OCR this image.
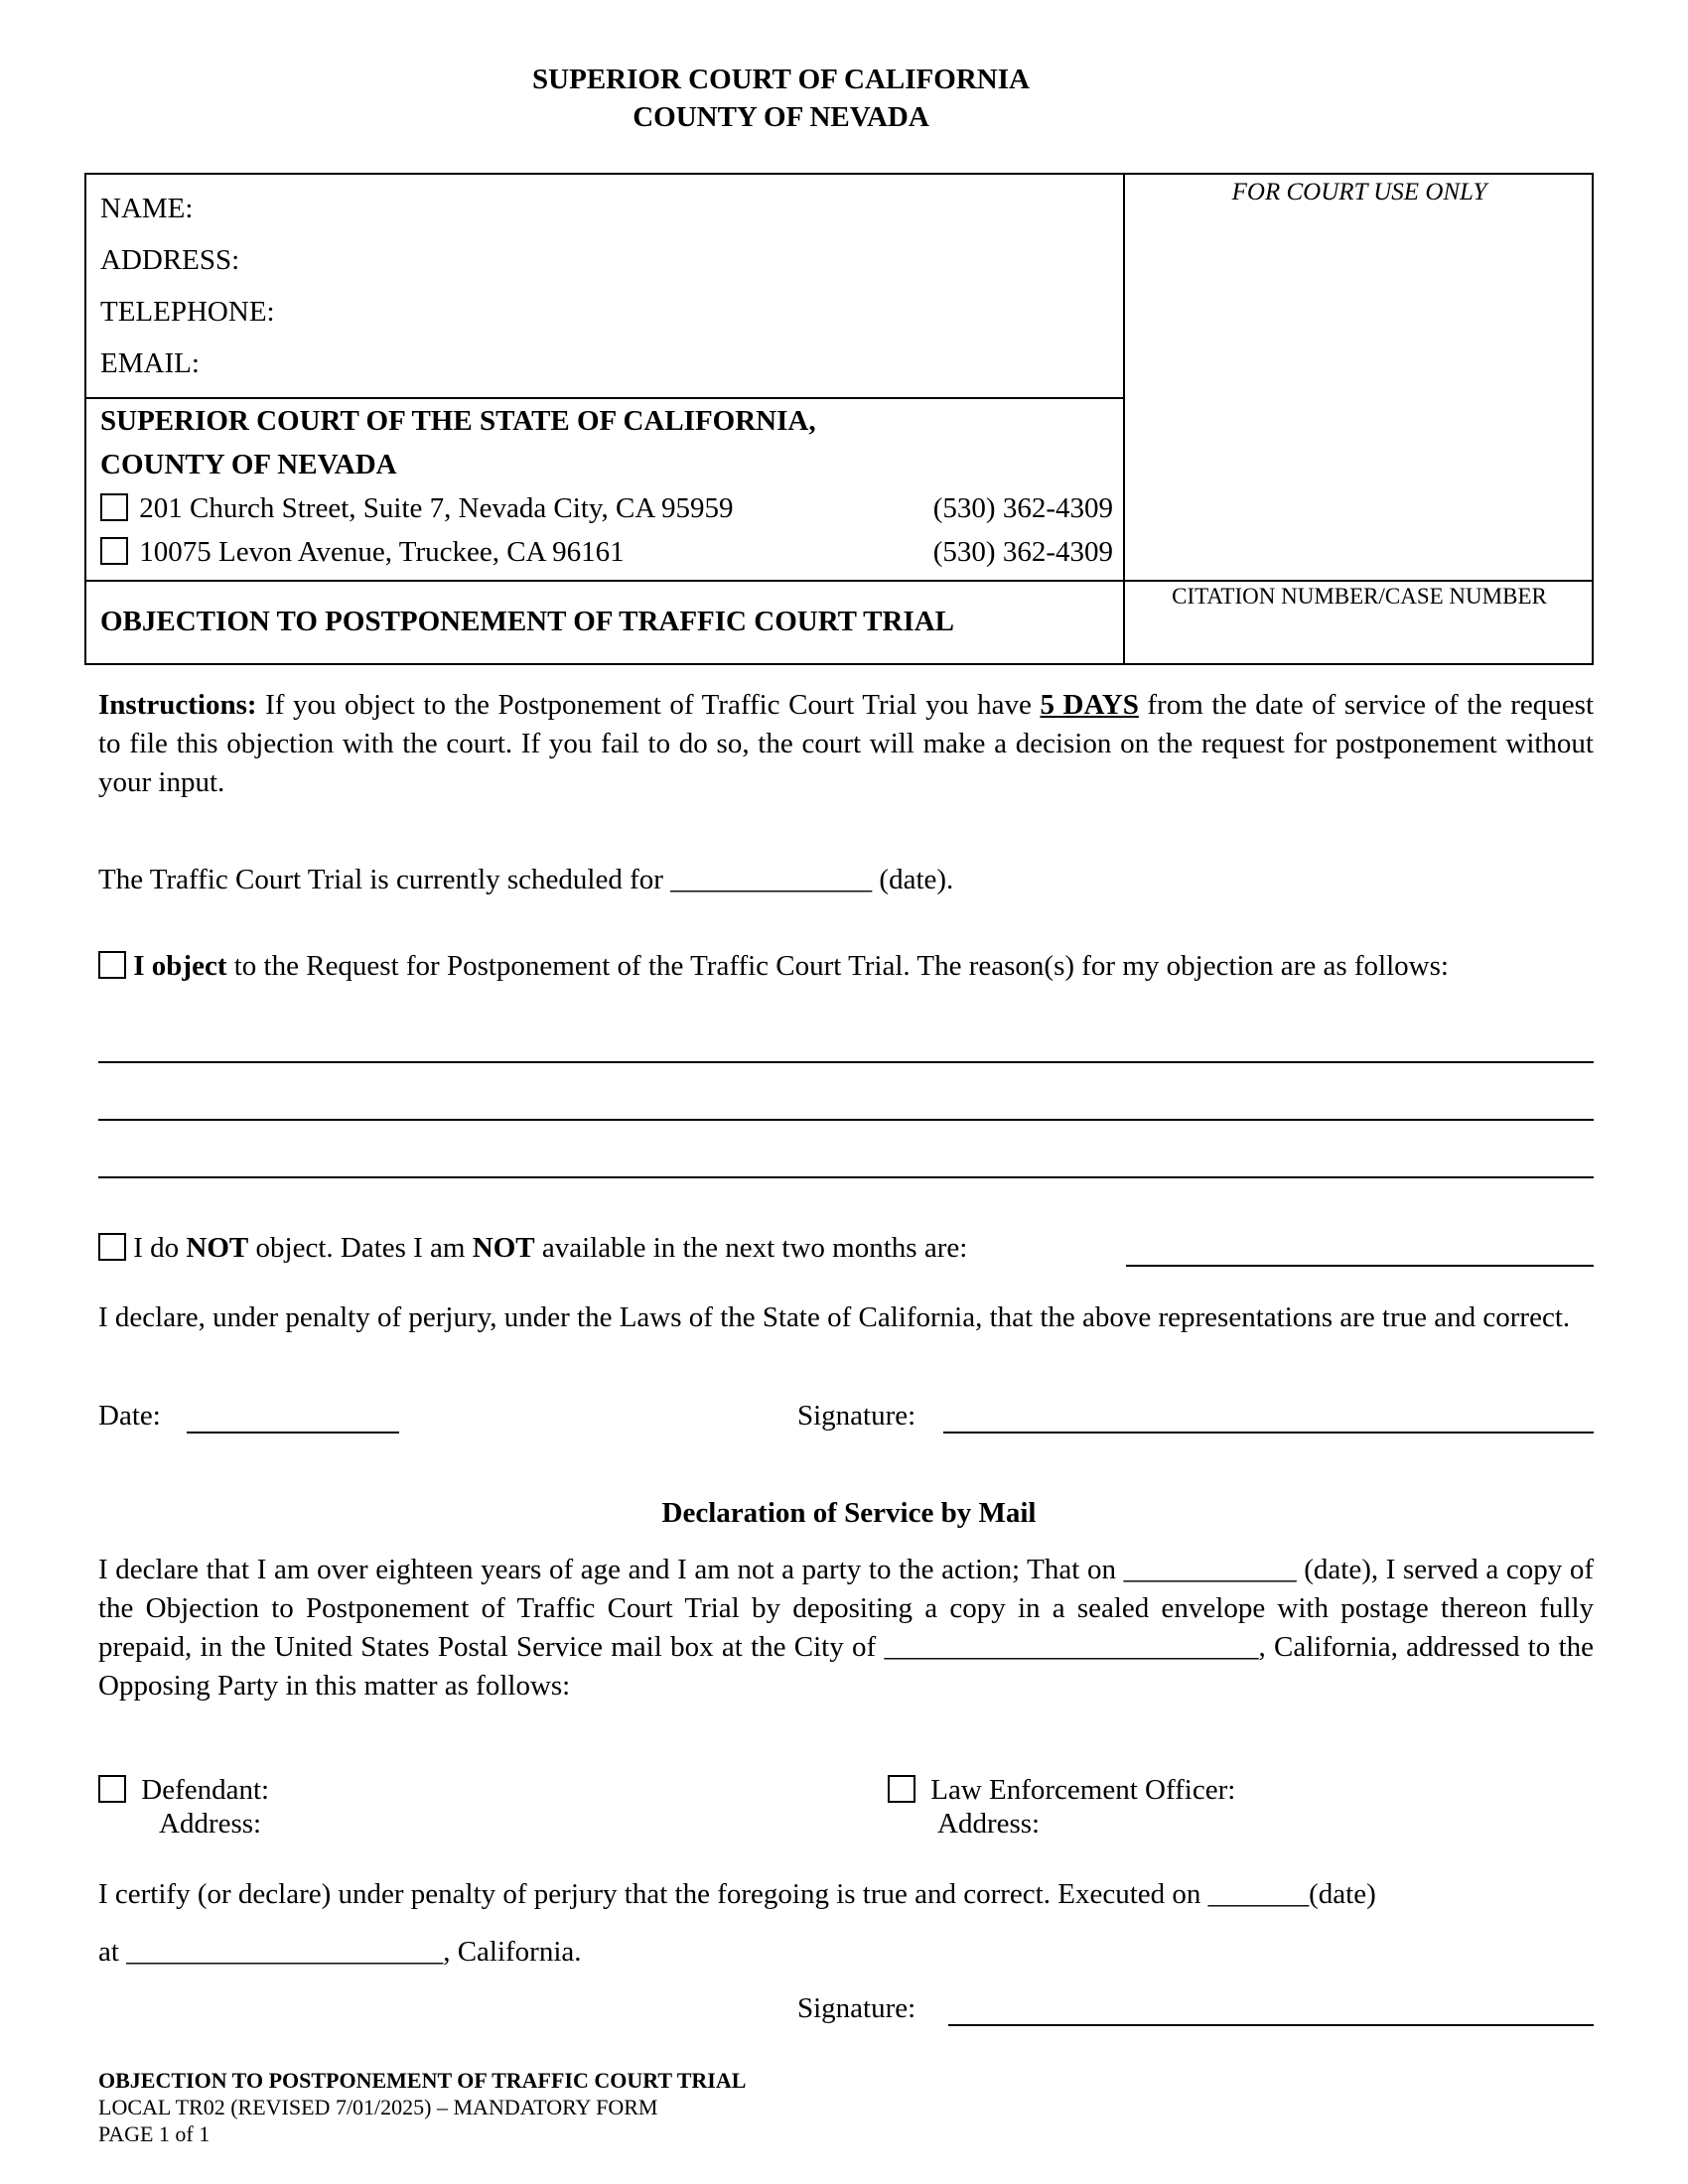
SUPERIOR COURT OF CALIFORNIA
COUNTY OF NEVADA
NAME:
ADDRESS:
TELEPHONE:
EMAIL:
SUPERIOR COURT OF THE STATE OF CALIFORNIA,
COUNTY OF NEVADA
201 Church Street, Suite 7, Nevada City, CA 95959	(530) 362-4309
10075 Levon Avenue, Truckee, CA 96161	(530) 362-4309
OBJECTION TO POSTPONEMENT OF TRAFFIC COURT TRIAL
FOR COURT USE ONLY
CITATION NUMBER/CASE NUMBER
Instructions: If you object to the Postponement of Traffic Court Trial you have 5 DAYS from the date of service of the request to file this objection with the court. If you fail to do so, the court will make a decision on the request for postponement without your input.
The Traffic Court Trial is currently scheduled for ______________ (date).
I object to the Request for Postponement of the Traffic Court Trial. The reason(s) for my objection are as follows:
I do NOT object. Dates I am NOT available in the next two months are:
I declare, under penalty of perjury, under the Laws of the State of California, that the above representations are true and correct.
Date:	Signature:
Declaration of Service by Mail
I declare that I am over eighteen years of age and I am not a party to the action; That on ____________ (date), I served a copy of the Objection to Postponement of Traffic Court Trial by depositing a copy in a sealed envelope with postage thereon fully prepaid, in the United States Postal Service mail box at the City of __________________________, California, addressed to the Opposing Party in this matter as follows:
Defendant:
Address:
Law Enforcement Officer:
Address:
I certify (or declare) under penalty of perjury that the foregoing is true and correct. Executed on _______(date)
at ______________________, California.
Signature:
OBJECTION TO POSTPONEMENT OF TRAFFIC COURT TRIAL
LOCAL TR02 (REVISED 7/01/2025) – MANDATORY FORM
PAGE 1 of 1
